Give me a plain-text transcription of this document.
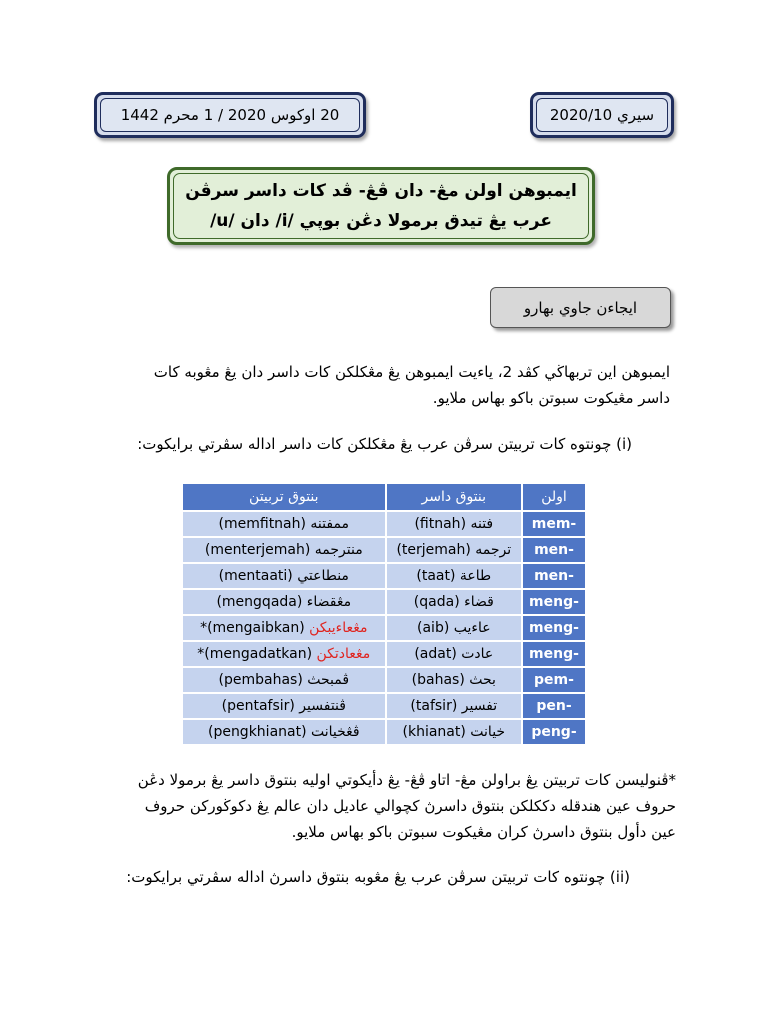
20 اوکوس 2020 / 1 محرم 1442	سيري 2020/10
ايمبوهن اولن مڠ- دان ڤڠ- ڤد كات داسر سرڤن
عرب يڠ تيدق برمولا دڠن بوپي /i/ دان /u/
ايجاءن جاوي بهارو
ايمبوهن اين تربهاڬي كڤد 2، ياءيت ايمبوهن يڠ مڠكلكن كات داسر دان يڠ مڠوبه كات
داسر مڠيكوت سبوتن باكو بهاس ملايو.
(i) چونتوه كات تربيتن سرڤن عرب يڠ مڠكلكن كات داسر اداله سڤرتي برايكوت:
اولن	بنتوق داسر	بنتوق تربيتن
mem-	فتنه (fitnah)	ممفتنه (memfitnah)
men-	ترجمه (terjemah)	منترجمه (menterjemah)
men-	طاعة (taat)	منطاعتي (mentaati)
meng-	قضاء (qada)	مڠقضاء (mengqada)
meng-	عاءيب (aib)	مڠعاءيبكن (mengaibkan)*
meng-	عادت (adat)	مڠعادتكن (mengadatkan)*
pem-	بحث (bahas)	ڤمبحث (pembahas)
pen-	تفسير (tafsir)	ڤنتفسير (pentafsir)
peng-	خيانت (khianat)	ڤڠخيانت (pengkhianat)
*ڤنوليسن كات تربيتن يڠ براولن مڠ- اتاو ڤڠ- يڠ دأيكوتي اوليه بنتوق داسر يڠ برمولا دڠن
حروف عين هندقله دككلكن بنتوق داسرڽ كچوالي عاديل دان عالم يڠ دكوڬوركن حروف
عين دأول بنتوق داسرڽ كران مڠيكوت سبوتن باكو بهاس ملايو.
(ii) چونتوه كات تربيتن سرڤن عرب يڠ مڠوبه بنتوق داسرڽ اداله سڤرتي برايكوت:
